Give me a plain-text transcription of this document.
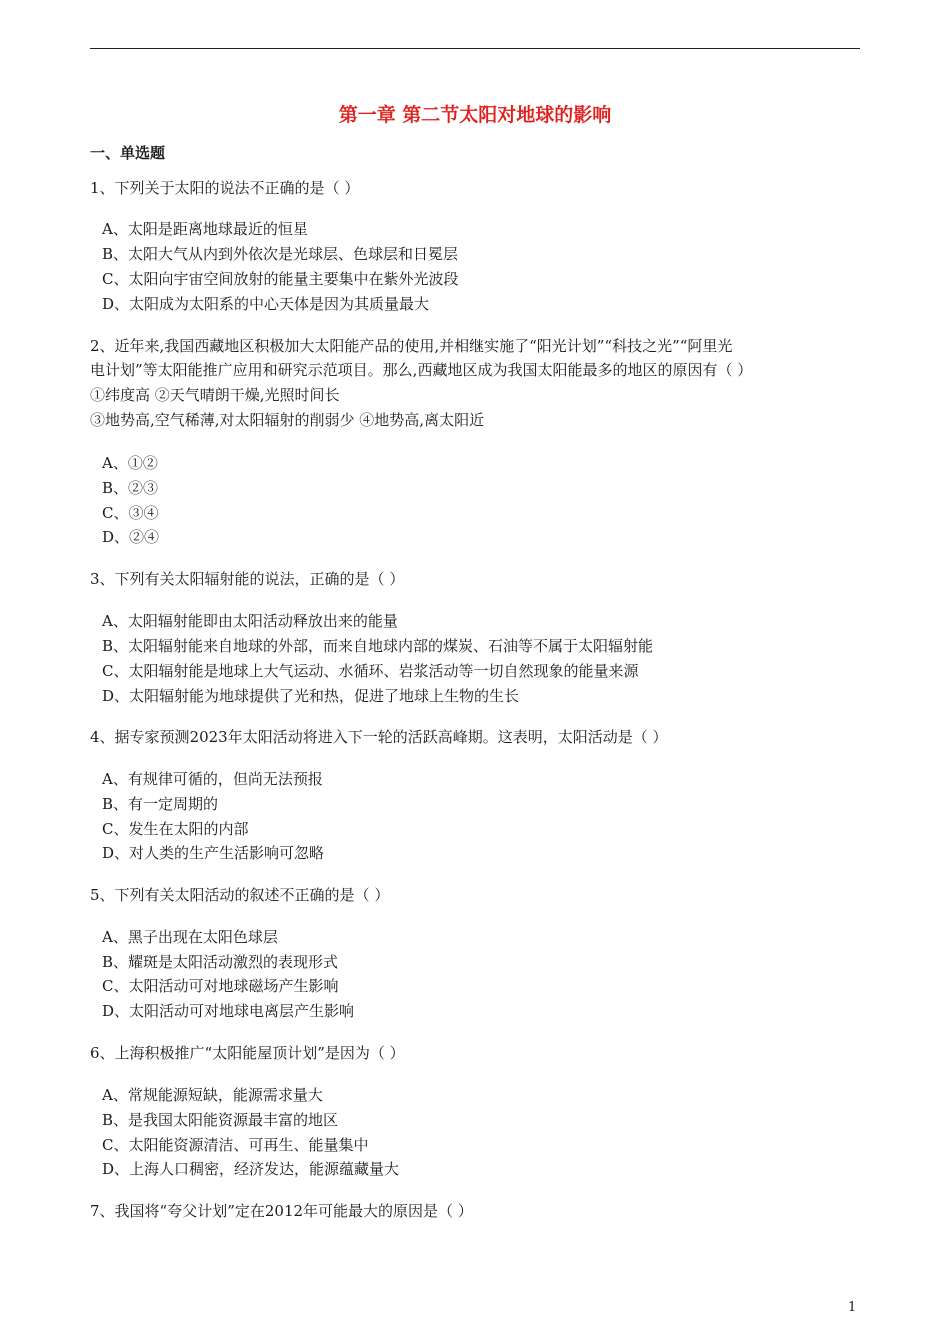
第一章 第二节太阳对地球的影响
一、单选题
1、下列关于太阳的说法不正确的是（ ）
A、太阳是距离地球最近的恒星
B、太阳大气从内到外依次是光球层、色球层和日冕层
C、太阳向宇宙空间放射的能量主要集中在紫外光波段
D、太阳成为太阳系的中心天体是因为其质量最大
2、近年来,我国西藏地区积极加大太阳能产品的使用,并相继实施了“阳光计划”“科技之光”“阿里光
电计划”等太阳能推广应用和研究示范项目。那么,西藏地区成为我国太阳能最多的地区的原因有（ ）
①纬度高 ②天气晴朗干燥,光照时间长
③地势高,空气稀薄,对太阳辐射的削弱少 ④地势高,离太阳近
A、①②
B、②③
C、③④
D、②④
3、下列有关太阳辐射能的说法，正确的是（ ）
A、太阳辐射能即由太阳活动释放出来的能量
B、太阳辐射能来自地球的外部，而来自地球内部的煤炭、石油等不属于太阳辐射能
C、太阳辐射能是地球上大气运动、水循环、岩浆活动等一切自然现象的能量来源
D、太阳辐射能为地球提供了光和热，促进了地球上生物的生长
4、据专家预测2023年太阳活动将进入下一轮的活跃高峰期。这表明，太阳活动是（ ）
A、有规律可循的，但尚无法预报
B、有一定周期的
C、发生在太阳的内部
D、对人类的生产生活影响可忽略
5、下列有关太阳活动的叙述不正确的是（ ）
A、黑子出现在太阳色球层
B、耀斑是太阳活动激烈的表现形式
C、太阳活动可对地球磁场产生影响
D、太阳活动可对地球电离层产生影响
6、上海积极推广“太阳能屋顶计划”是因为（ ）
A、常规能源短缺，能源需求量大
B、是我国太阳能资源最丰富的地区
C、太阳能资源清洁、可再生、能量集中
D、上海人口稠密，经济发达，能源蕴藏量大
7、我国将“夸父计划”定在2012年可能最大的原因是（ ）
1
